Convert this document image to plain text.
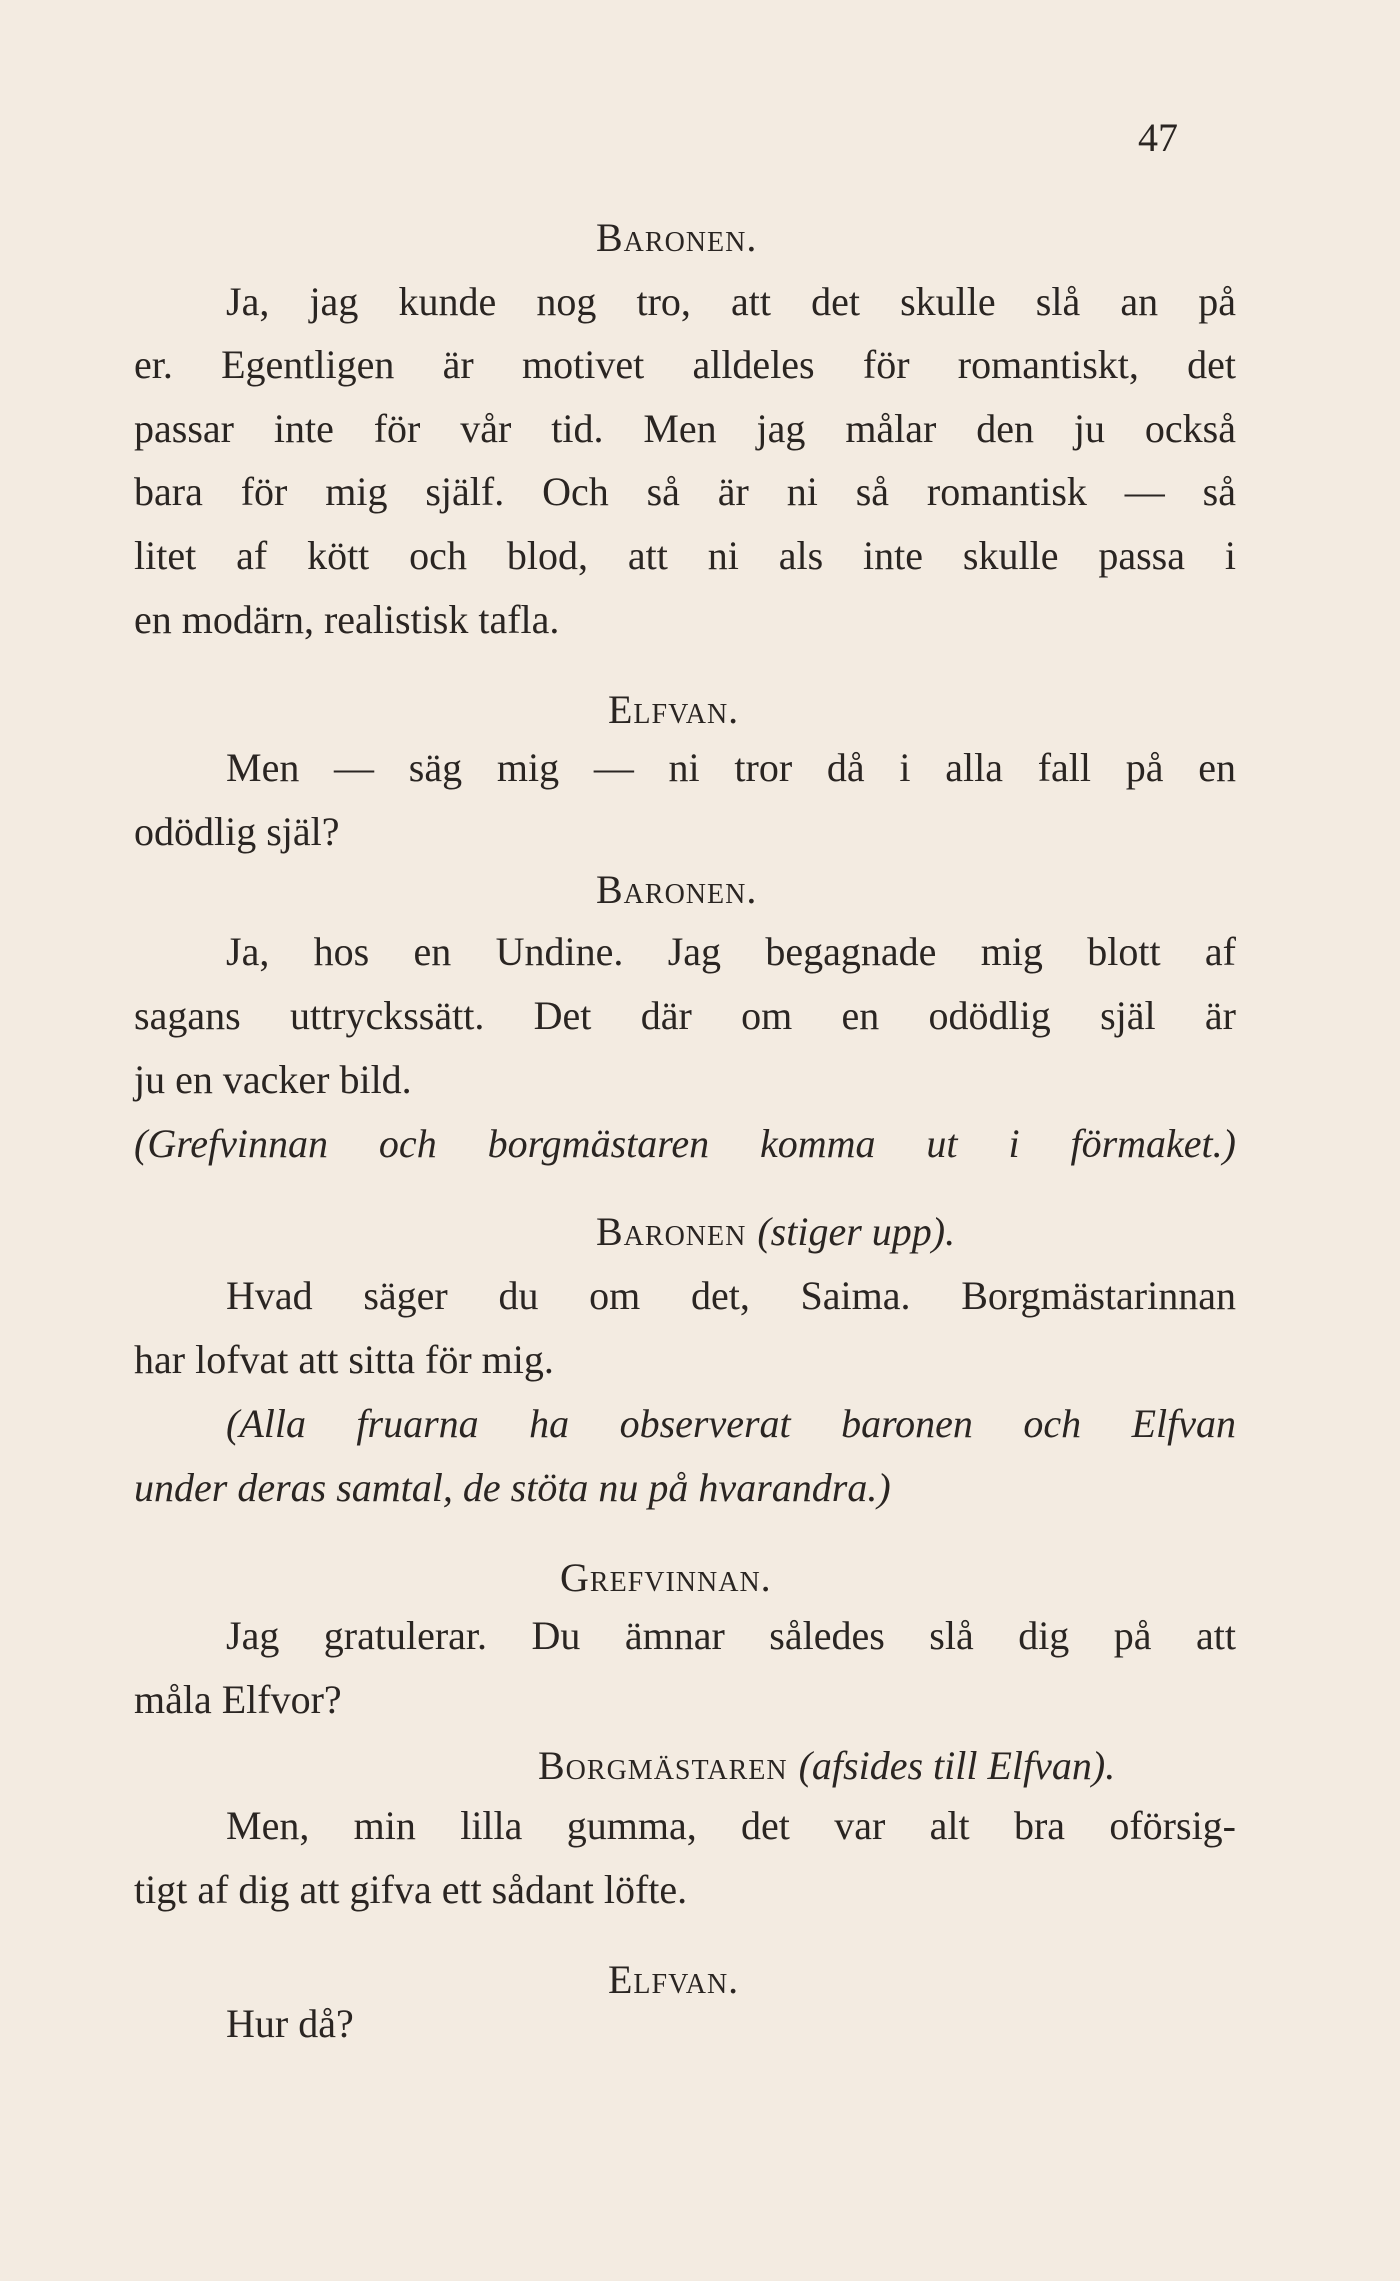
47
Baronen.
Ja, jag kunde nog tro, att det skulle slå an på
er. Egentligen är motivet alldeles för romantiskt, det
passar inte för vår tid. Men jag målar den ju också
bara för mig själf. Och så är ni så romantisk — så
litet af kött och blod, att ni als inte skulle passa i
en modärn, realistisk tafla.
Elfvan.
Men — säg mig — ni tror då i alla fall på en
odödlig själ?
Baronen.
Ja, hos en Undine. Jag begagnade mig blott af
sagans uttryckssätt. Det där om en odödlig själ är
ju en vacker bild.
(Grefvinnan och borgmästaren komma ut i förmaket.)
Baronen (stiger upp).
Hvad säger du om det, Saima. Borgmästarinnan
har lofvat att sitta för mig.
(Alla fruarna ha observerat baronen och Elfvan
under deras samtal, de stöta nu på hvarandra.)
Grefvinnan.
Jag gratulerar. Du ämnar således slå dig på att
måla Elfvor?
Borgmästaren (afsides till Elfvan).
Men, min lilla gumma, det var alt bra oförsig-
tigt af dig att gifva ett sådant löfte.
Elfvan.
Hur då?
